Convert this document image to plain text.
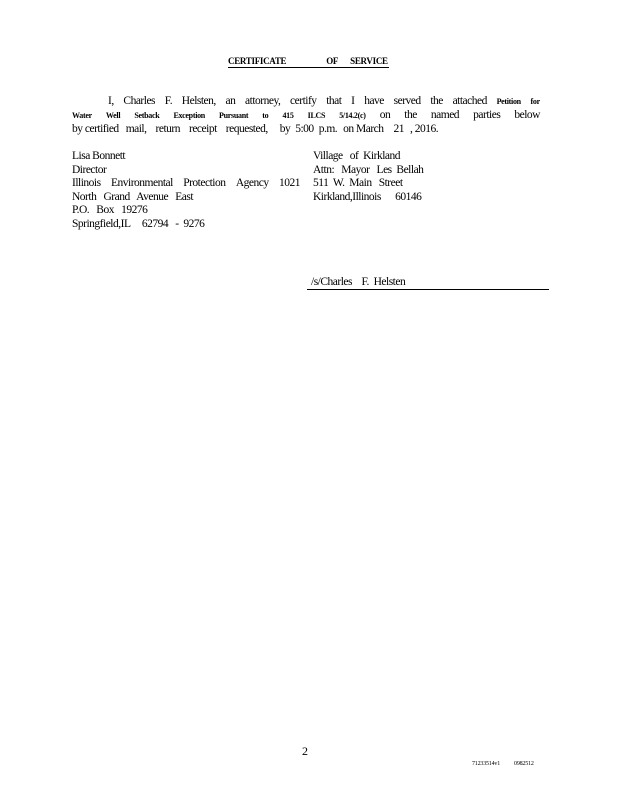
CERTIFICATE	OF SERVICE
I, Charles F. Helsten, an attorney, certify that I have served the attached Petition for
Water Well Setback Exception Pursuant to 415 ILCS 5/14.2(c) on the named parties below
by certified mail, return receipt requested, by 5:00 p.m. on March 21 , 2016.
Lisa Bonnett
Director
Illinois Environmental Protection Agency 1021
North   Grand   Avenue   East
P.O.   Box   19276
Springfield,IL     62794   -  9276
Village   of  Kirkland
Attn:   Mayor   Les  Bellah
511  W.  Main   Street
Kirkland,Illinois      60146
/s/Charles    F.  Helsten
2
71233514v1 0982512
